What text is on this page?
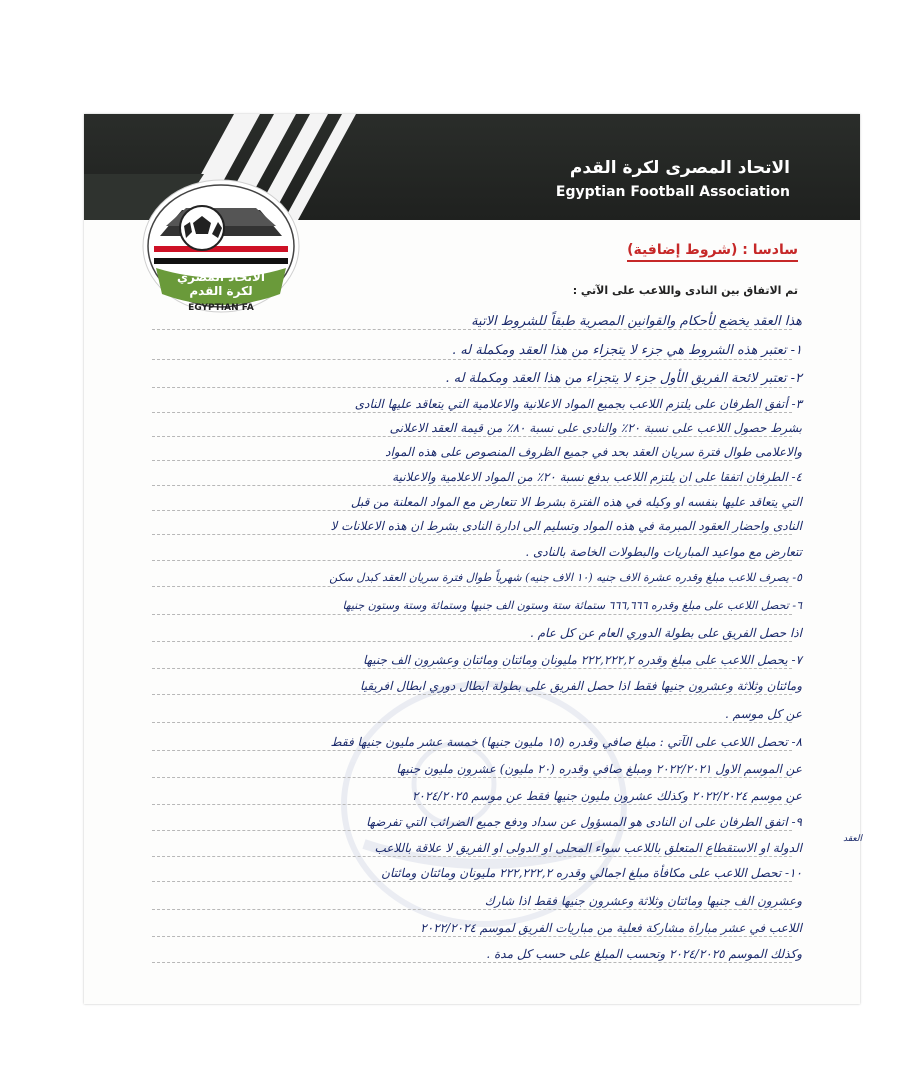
الاتحاد المصرى لكرة القدم
Egyptian Football Association
الاتحاد المصري
لكرة القدم
EGYPTIAN FA
سادسا : (شروط إضافية)
تم الاتفاق بين النادى واللاعب على الآتي :
هذا العقد يخضع لأحكام والقوانين المصرية طبقاً للشروط الاتية
١- تعتبر هذه الشروط هي جزء لا يتجزاء من هذا العقد ومكملة له .
٢- تعتبر لائحة الفريق الأول جزء لا يتجزاء من هذا العقد ومكملة له .
٣- أتفق الطرفان على يلتزم اللاعب بجميع المواد الاعلانية والاعلامية التي يتعاقد عليها النادى
بشرط حصول اللاعب على نسبة ٢٠٪ والنادى على نسبة ٨٠٪ من قيمة العقد الاعلانى
والاعلامى طوال فترة سريان العقد بحد في جميع الظروف المنصوص على هذه المواد
٤- الطرفان اتفقا على ان يلتزم اللاعب بدفع نسبة ٢٠٪ من المواد الاعلامية والاعلانية
التي يتعاقد عليها بنفسه او وكيله في هذه الفترة بشرط الا تتعارض مع المواد المعلنة من قبل
النادى واحضار العقود المبرمة في هذه المواد وتسليم الى ادارة النادى بشرط ان هذه الاعلانات لا
تتعارض مع مواعيد المباريات والبطولات الخاصة بالنادى .
٥- يصرف للاعب مبلغ وقدره عشرة الاف جنيه (١٠ الاف جنيه) شهرياً طوال فترة سريان العقد كبدل سكن
٦- تحصل اللاعب على مبلغ وقدره ٦٦٦,٦٦٦ ستمائة ستة وستون الف جنيها وستمائة وستة وستون جنيها
اذا حصل الفريق على بطولة الدوري العام عن كل عام .
٧- يحصل اللاعب على مبلغ وقدره ٢٢٢,٢٢٢,٢ مليونان ومائتان ومائتان وعشرون الف جنيها
ومائتان وثلاثة وعشرون جنيها فقط اذا حصل الفريق على بطولة ابطال دوري ابطال افريقيا
عن كل موسم .
٨- تحصل اللاعب على الآتي : مبلغ صافي وقدره (١٥ مليون جنيها) خمسة عشر مليون جنيها فقط
عن الموسم الاول ٢٠٢٢/٢٠٢١ ومبلغ صافي وقدره (٢٠ مليون) عشرون مليون جنيها
عن موسم ٢٠٢٢/٢٠٢٤ وكذلك عشرون مليون جنيها فقط عن موسم ٢٠٢٤/٢٠٢٥
٩- اتفق الطرفان على ان النادى هو المسؤول عن سداد ودفع جميع الضرائب التي تفرضها
الدولة او الاستقطاع المتعلق باللاعب سواء المحلى او الدولى او الفريق لا علاقة باللاعب
١٠- تحصل اللاعب على مكافأة مبلغ اجمالي وقدره ٢٢٢,٢٢٢,٢ مليونان ومائتان ومائتان
وعشرون الف جنيها ومائتان وثلاثة وعشرون جنيها فقط اذا شارك
اللاعب في عشر مباراة مشاركة فعلية من مباريات الفريق لموسم ٢٠٢٢/٢٠٢٤
وكذلك الموسم ٢٠٢٤/٢٠٢٥ وتحسب المبلغ على حسب كل مدة .
العقد
